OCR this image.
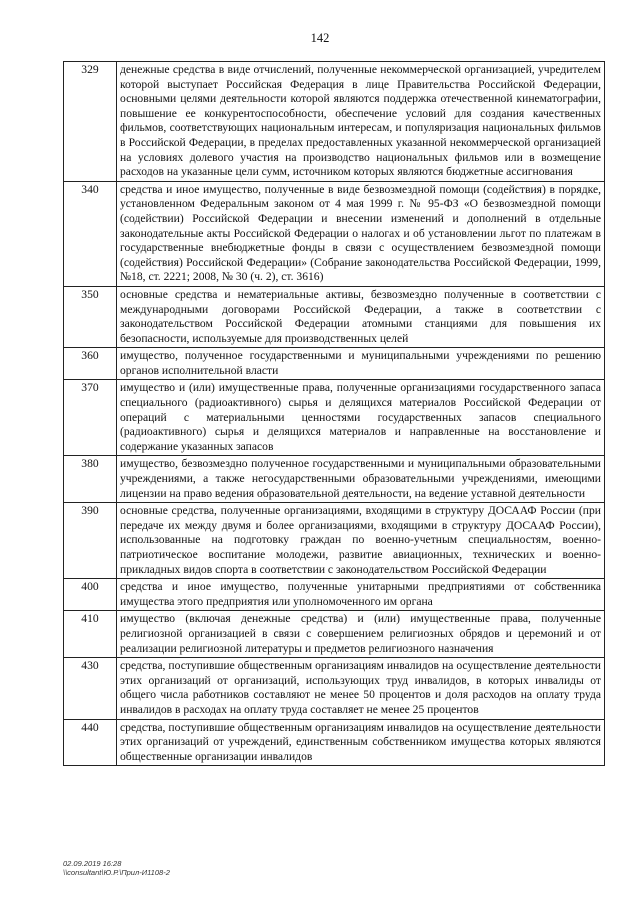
142
329	денежные средства в виде отчислений, полученные некоммерческой организацией, учредителем которой выступает Российская Федерация в лице Правительства Российской Федерации, основными целями деятельности которой являются поддержка отечественной кинематографии, повышение ее конкурентоспособности, обеспечение условий для создания качественных фильмов, соответствующих национальным интересам, и популяризация национальных фильмов в Российской Федерации, в пределах предоставленных указанной некоммерческой организацией на условиях долевого участия на производство национальных фильмов или в возмещение расходов на указанные цели сумм, источником которых являются бюджетные ассигнования
340	средства и иное имущество, полученные в виде безвозмездной помощи (содействия) в порядке, установленном Федеральным законом от 4 мая 1999 г. № 95-ФЗ «О безвозмездной помощи (содействии) Российской Федерации и внесении изменений и дополнений в отдельные законодательные акты Российской Федерации о налогах и об установлении льгот по платежам в государственные внебюджетные фонды в связи с осуществлением безвозмездной помощи (содействия) Российской Федерации» (Собрание законодательства Российской Федерации, 1999, №18, ст. 2221; 2008, № 30 (ч. 2), ст. 3616)
350	основные средства и нематериальные активы, безвозмездно полученные в соответствии с международными договорами Российской Федерации, а также в соответствии с законодательством Российской Федерации атомными станциями для повышения их безопасности, используемые для производственных целей
360	имущество, полученное государственными и муниципальными учреждениями по решению органов исполнительной власти
370	имущество и (или) имущественные права, полученные организациями государственного запаса специального (радиоактивного) сырья и делящихся материалов Российской Федерации от операций с материальными ценностями государственных запасов специального (радиоактивного) сырья и делящихся материалов и направленные на восстановление и содержание указанных запасов
380	имущество, безвозмездно полученное государственными и муниципальными образовательными учреждениями, а также негосударственными образовательными учреждениями, имеющими лицензии на право ведения образовательной деятельности, на ведение уставной деятельности
390	основные средства, полученные организациями, входящими в структуру ДОСААФ России (при передаче их между двумя и более организациями, входящими в структуру ДОСААФ России), использованные на подготовку граждан по военно-учетным специальностям, военно-патриотическое воспитание молодежи, развитие авиационных, технических и военно-прикладных видов спорта в соответствии с законодательством Российской Федерации
400	средства и иное имущество, полученные унитарными предприятиями от собственника имущества этого предприятия или уполномоченного им органа
410	имущество (включая денежные средства) и (или) имущественные права, полученные религиозной организацией в связи с совершением религиозных обрядов и церемоний и от реализации религиозной литературы и предметов религиозного назначения
430	средства, поступившие общественным организациям инвалидов на осуществление деятельности этих организаций от организаций, использующих труд инвалидов, в которых инвалиды от общего числа работников составляют не менее 50 процентов и доля расходов на оплату труда инвалидов в расходах на оплату труда составляет не менее 25 процентов
440	средства, поступившие общественным организациям инвалидов на осуществление деятельности этих организаций от учреждений, единственным собственником имущества которых являются общественные организации инвалидов
02.09.2019 16:28
\\consultant\Ю.Р.\Прил-И1108-2
